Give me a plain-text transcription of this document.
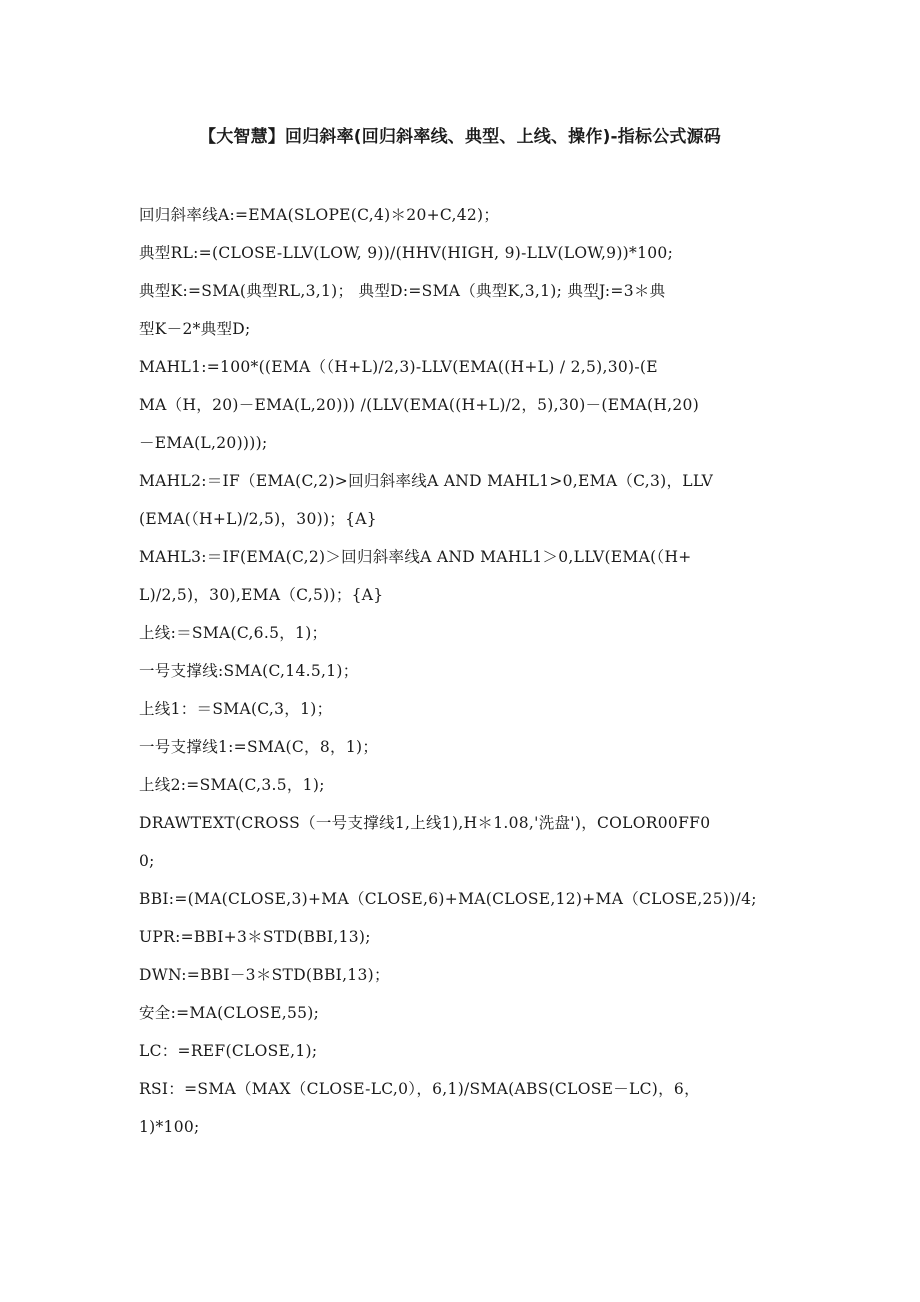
【大智慧】回归斜率(回归斜率线、典型、上线、操作)-指标公式源码
回归斜率线A:=EMA(SLOPE(C,4)＊20+C,42)；
典型RL:=(CLOSE-LLV(LOW, 9))/(HHV(HIGH, 9)-LLV(LOW,9))*100;
典型K:=SMA(典型RL,3,1)； 典型D:=SMA（典型K,3,1); 典型J:=3＊典
型K－2*典型D;
MAHL1:=100*((EMA（（H+L)/2,3)-LLV(EMA((H+L) / 2,5),30)-(E
MA（H，20)－EMA(L,20))) /(LLV(EMA((H+L)/2，5),30)－(EMA(H,20)
－EMA(L,20))));
MAHL2:＝IF（EMA(C,2)>回归斜率线A AND MAHL1>0,EMA（C,3)，LLV
(EMA(（H+L)/2,5)，30))；{A}
MAHL3:＝IF(EMA(C,2)＞回归斜率线A AND MAHL1＞0,LLV(EMA(（H+
L)/2,5)，30),EMA（C,5))；{A}
上线:＝SMA(C,6.5，1)；
一号支撑线:SMA(C,14.5,1)；
上线1：＝SMA(C,3，1)；
一号支撑线1:=SMA(C，8，1)；
上线2:=SMA(C,3.5，1);
DRAWTEXT(CROSS（一号支撑线1,上线1),H＊1.08,'洗盘')，COLOR00FF0
0;
BBI:=(MA(CLOSE,3)+MA（CLOSE,6)+MA(CLOSE,12)+MA（CLOSE,25))/4;
UPR:=BBI+3＊STD(BBI,13);
DWN:=BBI－3＊STD(BBI,13)；
安全:=MA(CLOSE,55);
LC：=REF(CLOSE,1);
RSI：=SMA（MAX（CLOSE-LC,0），6,1)/SMA(ABS(CLOSE－LC)，6，
1)*100;
